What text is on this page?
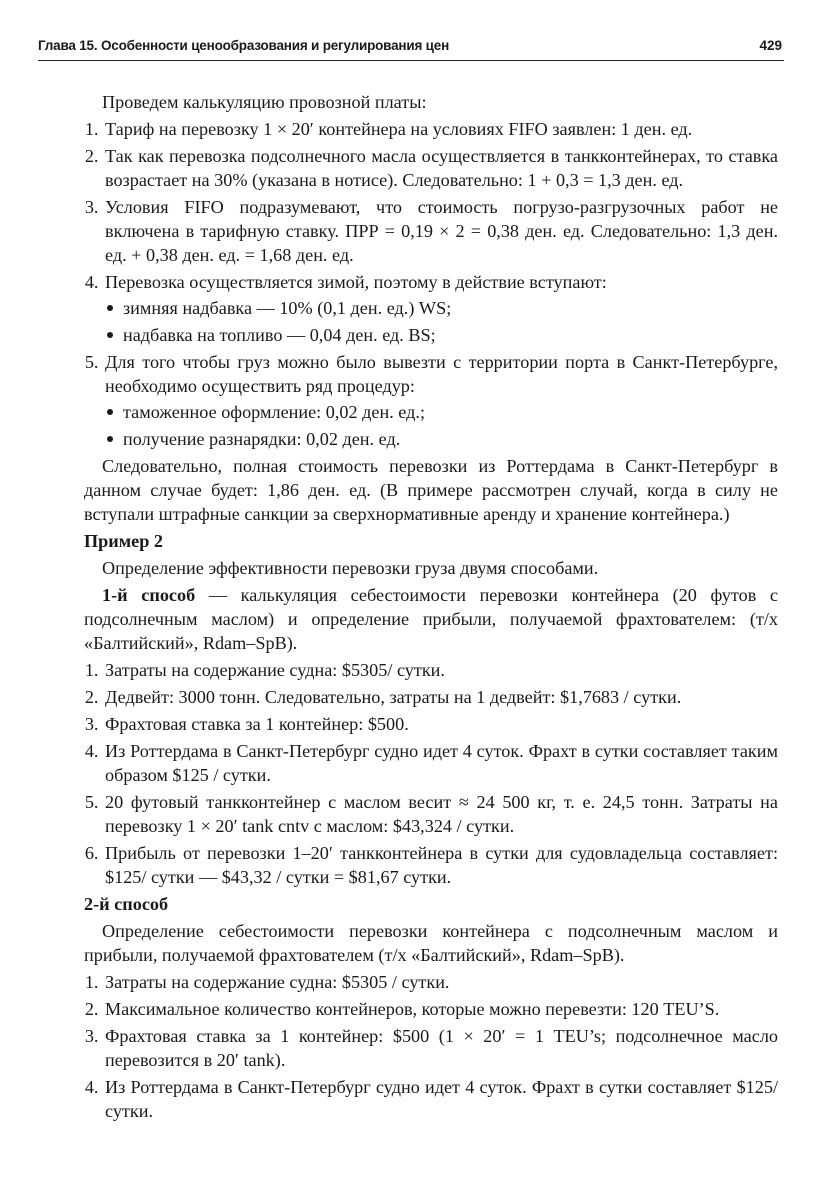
Глава 15. Особенности ценообразования и регулирования цен	429

Проведем калькуляцию провозной платы:

1. Тариф на перевозку 1 × 20′ контейнера на условиях FIFO заявлен: 1 ден. ед.
2. Так как перевозка подсолнечного масла осуществляется в танкконтейнерах, то ставка возрастает на 30% (указана в нотисе). Следовательно: 1 + 0,3 = 1,3 ден. ед.
3. Условия FIFO подразумевают, что стоимость погрузо-разгрузочных работ не включена в тарифную ставку. ПРР = 0,19 × 2 = 0,38 ден. ед. Следовательно: 1,3 ден. ед. + 0,38 ден. ед. = 1,68 ден. ед.
4. Перевозка осуществляется зимой, поэтому в действие вступают:
зимняя надбавка — 10% (0,1 ден. ед.) WS;
надбавка на топливо — 0,04 ден. ед. BS;
5. Для того чтобы груз можно было вывезти с территории порта в Санкт-Петербурге, необходимо осуществить ряд процедур:
таможенное оформление: 0,02 ден. ед.;
получение разнарядки: 0,02 ден. ед.

Следовательно, полная стоимость перевозки из Роттердама в Санкт-Петербург в данном случае будет: 1,86 ден. ед. (В примере рассмотрен случай, когда в силу не вступали штрафные санкции за сверхнормативные аренду и хранение контейнера.)

Пример 2

Определение эффективности перевозки груза двумя способами.

1-й способ — калькуляция себестоимости перевозки контейнера (20 футов с подсолнечным маслом) и определение прибыли, получаемой фрахтователем: (т/х «Балтийский», Rdam–SpB).

1. Затраты на содержание судна: $5305/ сутки.
2. Дедвейт: 3000 тонн. Следовательно, затраты на 1 дедвейт: $1,7683 / сутки.
3. Фрахтовая ставка за 1 контейнер: $500.
4. Из Роттердама в Санкт-Петербург судно идет 4 суток. Фрахт в сутки составляет таким образом $125 / сутки.
5. 20 футовый танкконтейнер с маслом весит ≈ 24 500 кг, т. е. 24,5 тонн. Затраты на перевозку 1 × 20′ tank cntv с маслом: $43,324 / сутки.
6. Прибыль от перевозки 1–20′ танкконтейнера в сутки для судовладельца составляет: $125/ сутки — $43,32 / сутки = $81,67 сутки.

2-й способ

Определение себестоимости перевозки контейнера с подсолнечным маслом и прибыли, получаемой фрахтователем (т/х «Балтийский», Rdam–SpB).

1. Затраты на содержание судна: $5305 / сутки.
2. Максимальное количество контейнеров, которые можно перевезти: 120 TEU’S.
3. Фрахтовая ставка за 1 контейнер: $500 (1 × 20′ = 1 TEU’s; подсолнечное масло перевозится в 20′ tank).
4. Из Роттердама в Санкт-Петербург судно идет 4 суток. Фрахт в сутки составляет $125/ сутки.
